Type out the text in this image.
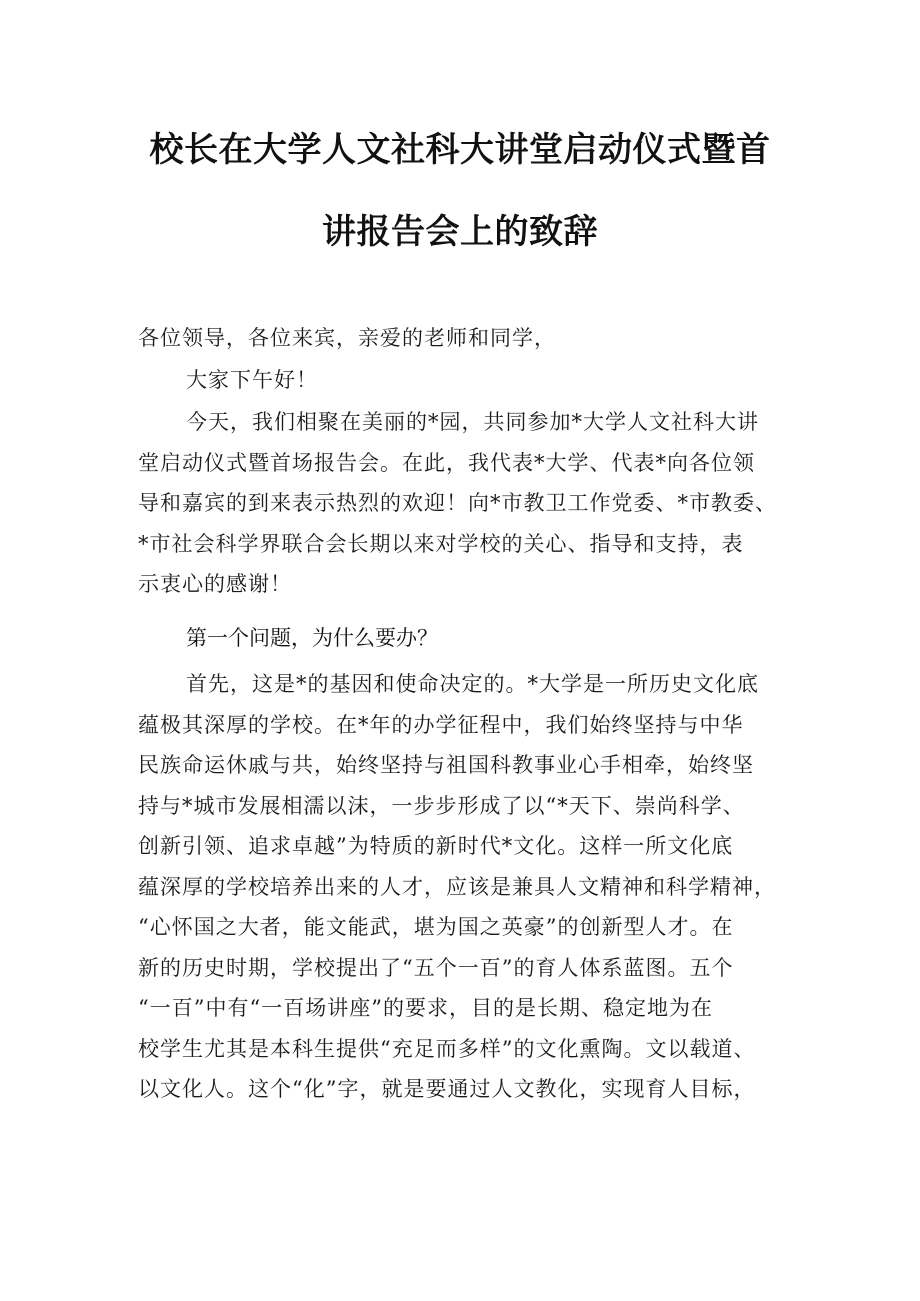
校长在大学人文社科大讲堂启动仪式暨首
讲报告会上的致辞
各位领导，各位来宾，亲爱的老师和同学，
大家下午好！
今天，我们相聚在美丽的*园，共同参加*大学人文社科大讲
堂启动仪式暨首场报告会。在此，我代表*大学、代表*向各位领
导和嘉宾的到来表示热烈的欢迎！向*市教卫工作党委、*市教委、
*市社会科学界联合会长期以来对学校的关心、指导和支持，表
示衷心的感谢！
第一个问题，为什么要办？
首先，这是*的基因和使命决定的。*大学是一所历史文化底
蕴极其深厚的学校。在*年的办学征程中，我们始终坚持与中华
民族命运休戚与共，始终坚持与祖国科教事业心手相牵，始终坚
持与*城市发展相濡以沫，一步步形成了以“*天下、崇尚科学、
创新引领、追求卓越”为特质的新时代*文化。这样一所文化底
蕴深厚的学校培养出来的人才，应该是兼具人文精神和科学精神，
“心怀国之大者，能文能武，堪为国之英豪”的创新型人才。在
新的历史时期，学校提出了“五个一百”的育人体系蓝图。五个
“一百”中有“一百场讲座”的要求，目的是长期、稳定地为在
校学生尤其是本科生提供“充足而多样”的文化熏陶。文以载道、
以文化人。这个“化”字，就是要通过人文教化，实现育人目标，
